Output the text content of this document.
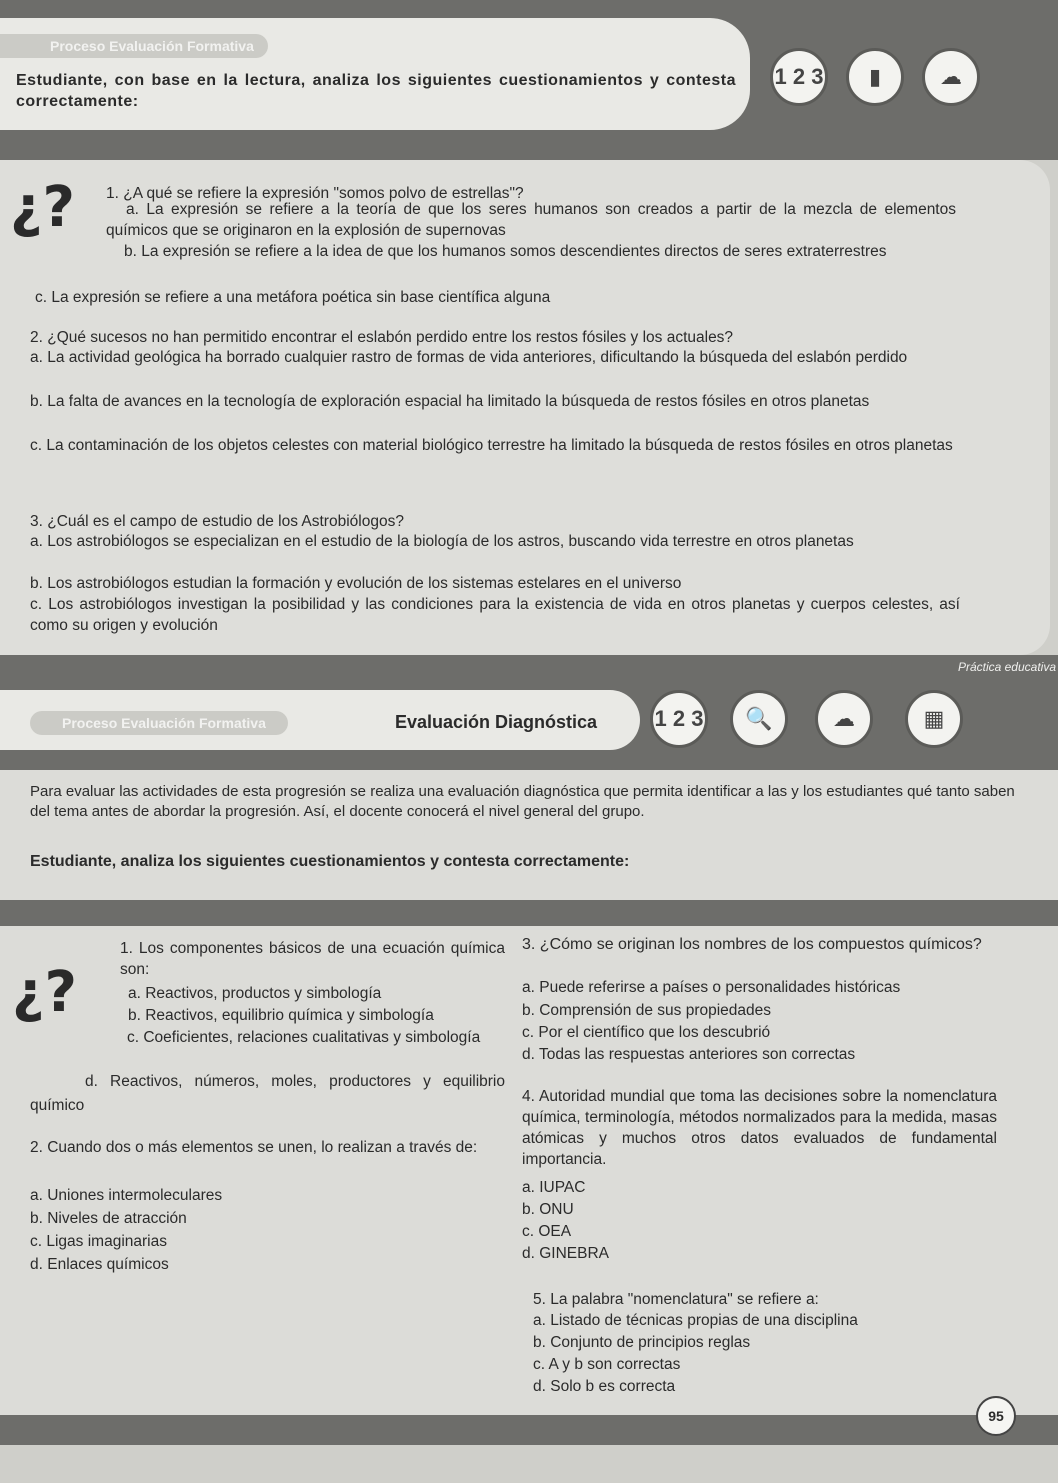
Proceso Evaluación Formativa
Estudiante, con base en la lectura, analiza los siguientes cuestionamientos y contesta correctamente:
1 2 3	▮	☁
¿? 1. ¿A qué se refiere la expresión "somos polvo de estrellas"?
a. La expresión se refiere a la teoría de que los seres humanos son creados a partir de la mezcla de elementos químicos que se originaron en la explosión de supernovas
b. La expresión se refiere a la idea de que los humanos somos descendientes directos de seres extraterrestres
c. La expresión se refiere a una metáfora poética sin base científica alguna
2. ¿Qué sucesos no han permitido encontrar el eslabón perdido entre los restos fósiles y los actuales?
a. La actividad geológica ha borrado cualquier rastro de formas de vida anteriores, dificultando la búsqueda del eslabón perdido
b. La falta de avances en la tecnología de exploración espacial ha limitado la búsqueda de restos fósiles en otros planetas
c. La contaminación de los objetos celestes con material biológico terrestre ha limitado la búsqueda de restos fósiles en otros planetas
3. ¿Cuál es el campo de estudio de los Astrobiólogos?
a. Los astrobiólogos se especializan en el estudio de la biología de los astros, buscando vida terrestre en otros planetas
b. Los astrobiólogos estudian la formación y evolución de los sistemas estelares en el universo
c. Los astrobiólogos investigan la posibilidad y las condiciones para la existencia de vida en otros planetas y cuerpos celestes, así como su origen y evolución
Proceso Evaluación Formativa	Evaluación Diagnóstica	1 2 3	🔍	☁	▦
Práctica educativa
Para evaluar las actividades de esta progresión se realiza una evaluación diagnóstica que permita identificar a las y los estudiantes qué tanto saben del tema antes de abordar la progresión. Así, el docente conocerá el nivel general del grupo.
Estudiante, analiza los siguientes cuestionamientos y contesta correctamente:
¿?
1. Los componentes básicos de una ecuación química son:
a. Reactivos, productos y simbología
b. Reactivos, equilibrio química y simbología
c. Coeficientes, relaciones cualitativas y simbología
d. Reactivos, números, moles, productores y equilibrio químico
2. Cuando dos o más elementos se unen, lo realizan a través de:
a. Uniones intermoleculares
b. Niveles de atracción
c. Ligas imaginarias
d. Enlaces químicos
3. ¿Cómo se originan los nombres de los compuestos químicos?
a. Puede referirse a países o personalidades históricas
b. Comprensión de sus propiedades
c. Por el científico que los descubrió
d. Todas las respuestas anteriores son correctas
4. Autoridad mundial que toma las decisiones sobre la nomenclatura química, terminología, métodos normalizados para la medida, masas atómicas y muchos otros datos evaluados de fundamental importancia.
a. IUPAC
b. ONU
c. OEA
d. GINEBRA
5. La palabra "nomenclatura" se refiere a:
a. Listado de técnicas propias de una disciplina
b. Conjunto de principios reglas
c. A y b son correctas
d. Solo b es correcta
95
